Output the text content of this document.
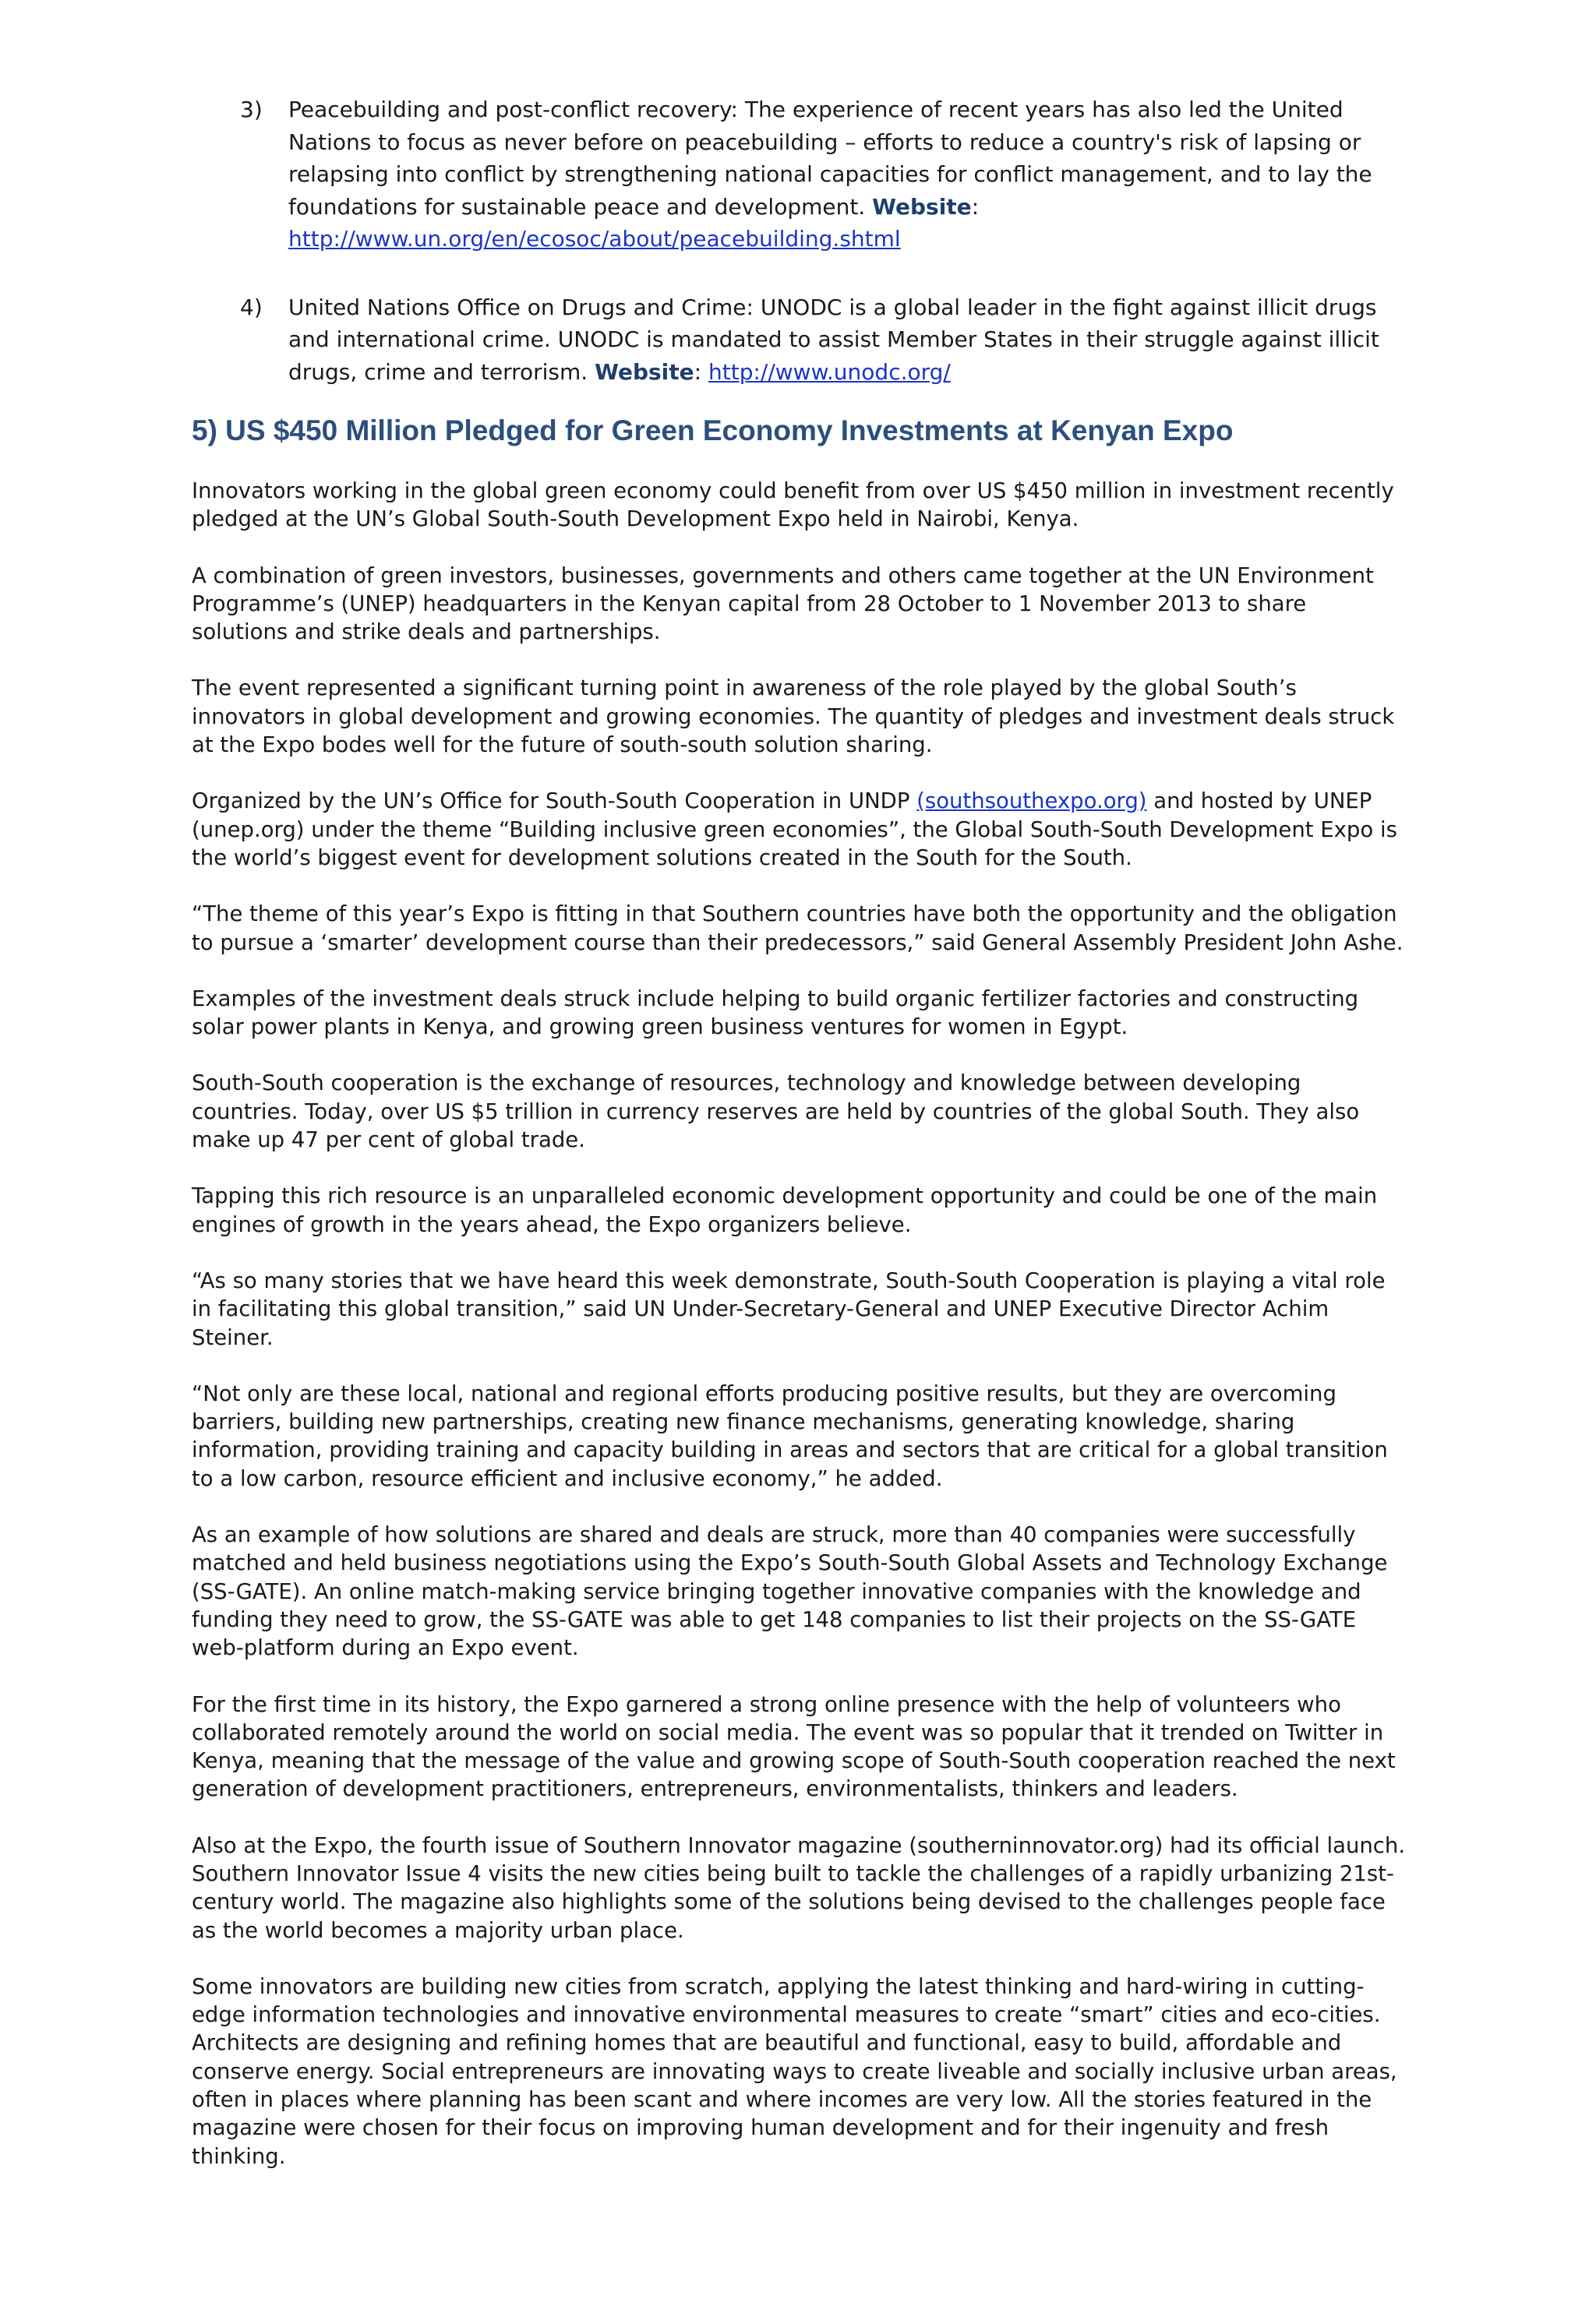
3)	Peacebuilding and post-conflict recovery: The experience of recent years has also led the United Nations to focus as never before on peacebuilding – efforts to reduce a country's risk of lapsing or relapsing into conflict by strengthening national capacities for conflict management, and to lay the foundations for sustainable peace and development. Website: http://www.un.org/en/ecosoc/about/peacebuilding.shtml
4)	United Nations Office on Drugs and Crime: UNODC is a global leader in the fight against illicit drugs and international crime. UNODC is mandated to assist Member States in their struggle against illicit drugs, crime and terrorism. Website: http://www.unodc.org/
5) US $450 Million Pledged for Green Economy Investments at Kenyan Expo

Innovators working in the global green economy could benefit from over US $450 million in investment recently pledged at the UN’s Global South-South Development Expo held in Nairobi, Kenya.

A combination of green investors, businesses, governments and others came together at the UN Environment Programme’s (UNEP) headquarters in the Kenyan capital from 28 October to 1 November 2013 to share solutions and strike deals and partnerships.

The event represented a significant turning point in awareness of the role played by the global South’s innovators in global development and growing economies. The quantity of pledges and investment deals struck at the Expo bodes well for the future of south-south solution sharing.

Organized by the UN’s Office for South-South Cooperation in UNDP (southsouthexpo.org) and hosted by UNEP (unep.org) under the theme “Building inclusive green economies”, the Global South-South Development Expo is the world’s biggest event for development solutions created in the South for the South.

“The theme of this year’s Expo is fitting in that Southern countries have both the opportunity and the obligation to pursue a ‘smarter’ development course than their predecessors,” said General Assembly President John Ashe.

Examples of the investment deals struck include helping to build organic fertilizer factories and constructing solar power plants in Kenya, and growing green business ventures for women in Egypt.

South-South cooperation is the exchange of resources, technology and knowledge between developing countries. Today, over US $5 trillion in currency reserves are held by countries of the global South. They also make up 47 per cent of global trade.

Tapping this rich resource is an unparalleled economic development opportunity and could be one of the main engines of growth in the years ahead, the Expo organizers believe.

“As so many stories that we have heard this week demonstrate, South-South Cooperation is playing a vital role in facilitating this global transition,” said UN Under-Secretary-General and UNEP Executive Director Achim Steiner.

“Not only are these local, national and regional efforts producing positive results, but they are overcoming barriers, building new partnerships, creating new finance mechanisms, generating knowledge, sharing information, providing training and capacity building in areas and sectors that are critical for a global transition to a low carbon, resource efficient and inclusive economy,” he added.

As an example of how solutions are shared and deals are struck, more than 40 companies were successfully matched and held business negotiations using the Expo’s South-South Global Assets and Technology Exchange (SS-GATE). An online match-making service bringing together innovative companies with the knowledge and funding they need to grow, the SS-GATE was able to get 148 companies to list their projects on the SS-GATE web-platform during an Expo event.

For the first time in its history, the Expo garnered a strong online presence with the help of volunteers who collaborated remotely around the world on social media. The event was so popular that it trended on Twitter in Kenya, meaning that the message of the value and growing scope of South-South cooperation reached the next generation of development practitioners, entrepreneurs, environmentalists, thinkers and leaders.

Also at the Expo, the fourth issue of Southern Innovator magazine (southerninnovator.org) had its official launch. Southern Innovator Issue 4 visits the new cities being built to tackle the challenges of a rapidly urbanizing 21st-century world. The magazine also highlights some of the solutions being devised to the challenges people face as the world becomes a majority urban place.

Some innovators are building new cities from scratch, applying the latest thinking and hard-wiring in cutting-edge information technologies and innovative environmental measures to create “smart” cities and eco-cities. Architects are designing and refining homes that are beautiful and functional, easy to build, affordable and conserve energy. Social entrepreneurs are innovating ways to create liveable and socially inclusive urban areas, often in places where planning has been scant and where incomes are very low. All the stories featured in the magazine were chosen for their focus on improving human development and for their ingenuity and fresh thinking.
